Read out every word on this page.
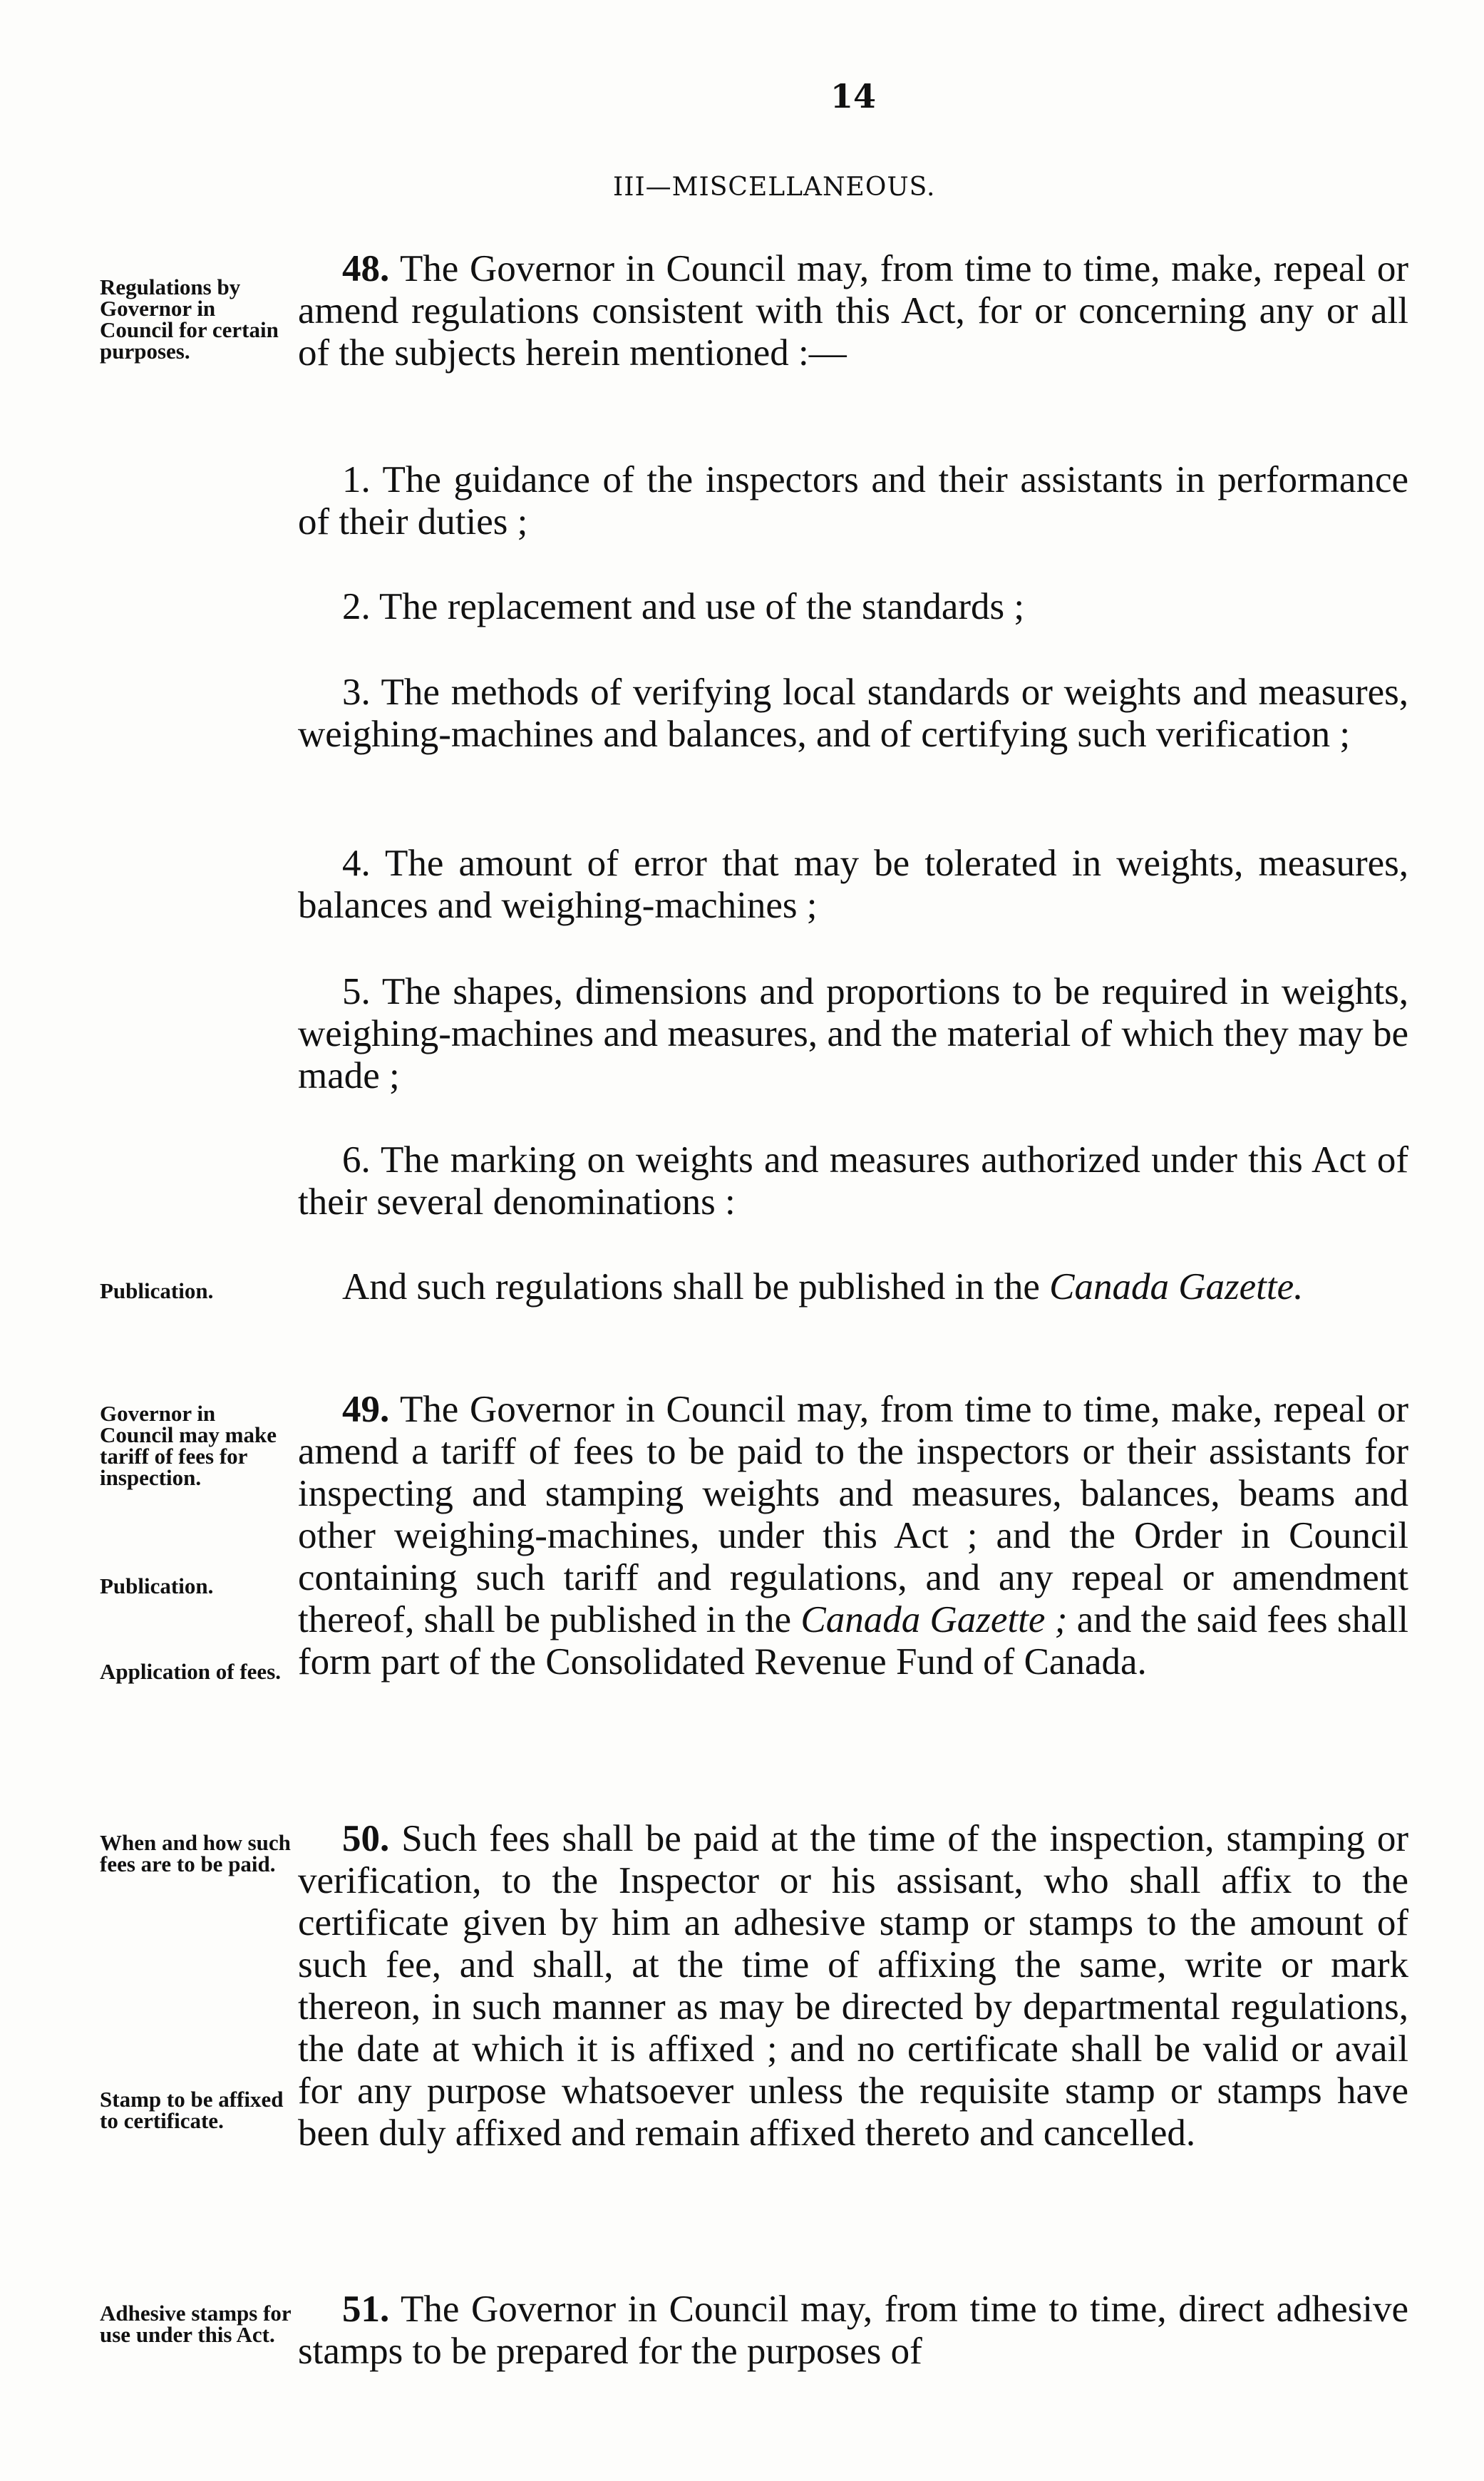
14
III—MISCELLANEOUS.
Regulations by Governor in Council for certain purposes.
Publication.
Governor in Council may make tariff of fees for inspection.
Publication.
Application of fees.
When and how such fees are to be paid.
Stamp to be affixed to certificate.
Adhesive stamps for use under this Act.
48. The Governor in Council may, from time to time, make, repeal or amend regulations consistent with this Act, for or concerning any or all of the subjects herein mentioned :—
1. The guidance of the inspectors and their assistants in performance of their duties ;
2. The replacement and use of the standards ;
3. The methods of verifying local standards or weights and measures, weighing-machines and balances, and of certifying such verification ;
4. The amount of error that may be tolerated in weights, measures, balances and weighing-machines ;
5. The shapes, dimensions and proportions to be required in weights, weighing-machines and measures, and the material of which they may be made ;
6. The marking on weights and measures authorized under this Act of their several denominations :
And such regulations shall be published in the Canada Gazette.
49. The Governor in Council may, from time to time, make, repeal or amend a tariff of fees to be paid to the inspectors or their assistants for inspecting and stamping weights and measures, balances, beams and other weighing-machines, under this Act ; and the Order in Council containing such tariff and regulations, and any repeal or amendment thereof, shall be published in the Canada Gazette ; and the said fees shall form part of the Consolidated Revenue Fund of Canada.
50. Such fees shall be paid at the time of the inspection, stamping or verification, to the Inspector or his assisant, who shall affix to the certificate given by him an adhesive stamp or stamps to the amount of such fee, and shall, at the time of affixing the same, write or mark thereon, in such manner as may be directed by departmental regulations, the date at which it is affixed ; and no certificate shall be valid or avail for any purpose whatsoever unless the requisite stamp or stamps have been duly affixed and remain affixed thereto and cancelled.
51. The Governor in Council may, from time to time, direct adhesive stamps to be prepared for the purposes of
